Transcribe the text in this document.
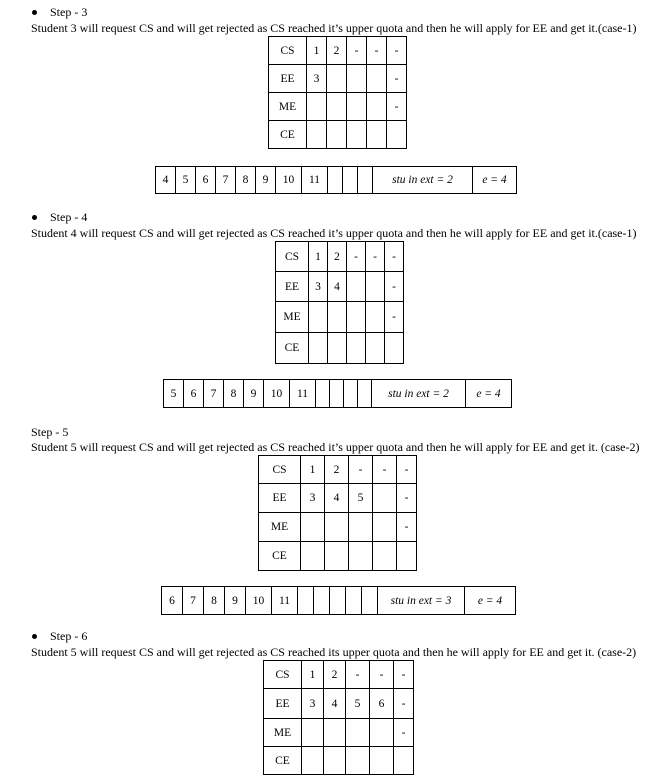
Step - 3
Student 3 will request CS and will get rejected as CS reached it’s upper quota and then he will apply for EE and get it.(case-1)
CS	1	2	-	-	-
EE	3				-
ME					-
CE					
4	5	6	7	8	9	10	11				stu in ext = 2	e = 4
Step - 4
Student 4 will request CS and will get rejected as CS reached it’s upper quota and then he will apply for EE and get it.(case-1)
CS	1	2	-	-	-
EE	3	4			-
ME					-
CE					
5	6	7	8	9	10	11					stu in ext = 2	e = 4
Step - 5
Student 5 will request CS and will get rejected as CS reached it’s upper quota and then he will apply for EE and get it. (case-2)
CS	1	2	-	-	-
EE	3	4	5		-
ME					-
CE					
6	7	8	9	10	11						stu in ext = 3	e = 4
Step - 6
Student 5 will request CS and will get rejected as CS reached its upper quota and then he will apply for EE and get it. (case-2)
CS	1	2	-	-	-
EE	3	4	5	6	-
ME					-
CE					
